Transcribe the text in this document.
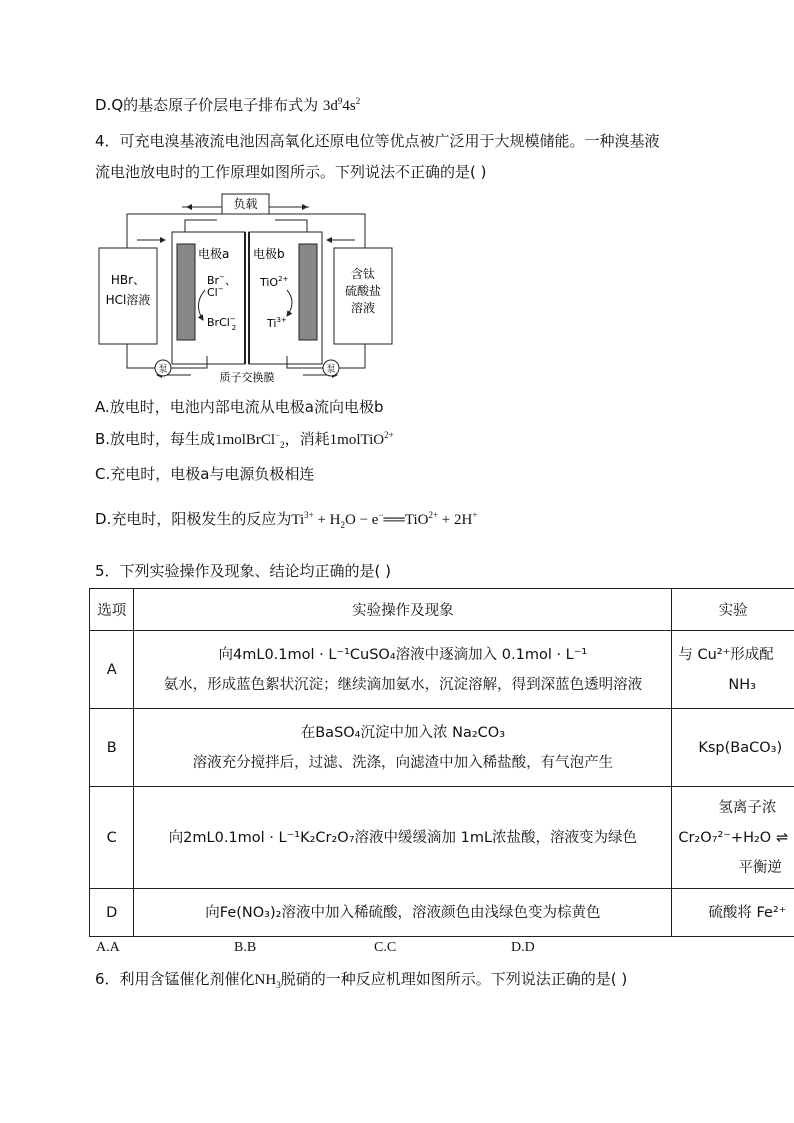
D.Q的基态原子价层电子排布式为 $3d^94s^2$
4．可充电溴基液流电池因高氧化还原电位等优点被广泛用于大规模储能。一种溴基液
流电池放电时的工作原理如图所示。下列说法不正确的是( )
负载
HBr、
HCl溶液
含钛
硫酸盐
溶液
电极a 电极b
Br−、
Cl−
BrCl− 2
TiO$^{2+}$
$Ti^{3+}$
泵	泵
质子交换膜
A.放电时，电池内部电流从电极a流向电极b
B.放电时，每生成1molBrCl−$_2$，消耗1molTiO$^{2+}$
C.充电时，电极a与电源负极相连
D.充电时，阳极发生的反应为$Ti^{3+} + H_2O$ − e−══TiO$^{2+}$ + 2H+
5．下列实验操作及现象、结论均正确的是( )
选项	实验操作及现象	实验
A	向4mL0.1mol · L⁻¹CuSO₄溶液中逐滴加入 0.1mol · L⁻¹
氨水，形成蓝色絮状沉淀；继续滴加氨水，沉淀溶解，得到深蓝色透明溶液	与 Cu²⁺形成配
NH₃

B	在BaSO₄沉淀中加入浓 Na₂CO₃
溶液充分搅拌后，过滤、洗涤，向滤渣中加入稀盐酸，有气泡产生	Ksp(BaCO₃)

C	向2mL0.1mol · L⁻¹K₂Cr₂O₇溶液中缓缓滴加 1mL浓盐酸，溶液变为绿色	氢离子浓
Cr₂O₇²⁻+H₂O ⇌
平衡逆

D	向Fe(NO₃)₂溶液中加入稀硫酸，溶液颜色由浅绿色变为棕黄色	硫酸将 Fe²⁺
A.A	B.B	C.C	D.D
6．利用含锰催化剂催化$NH_3$脱硝的一种反应机理如图所示。下列说法正确的是( )
